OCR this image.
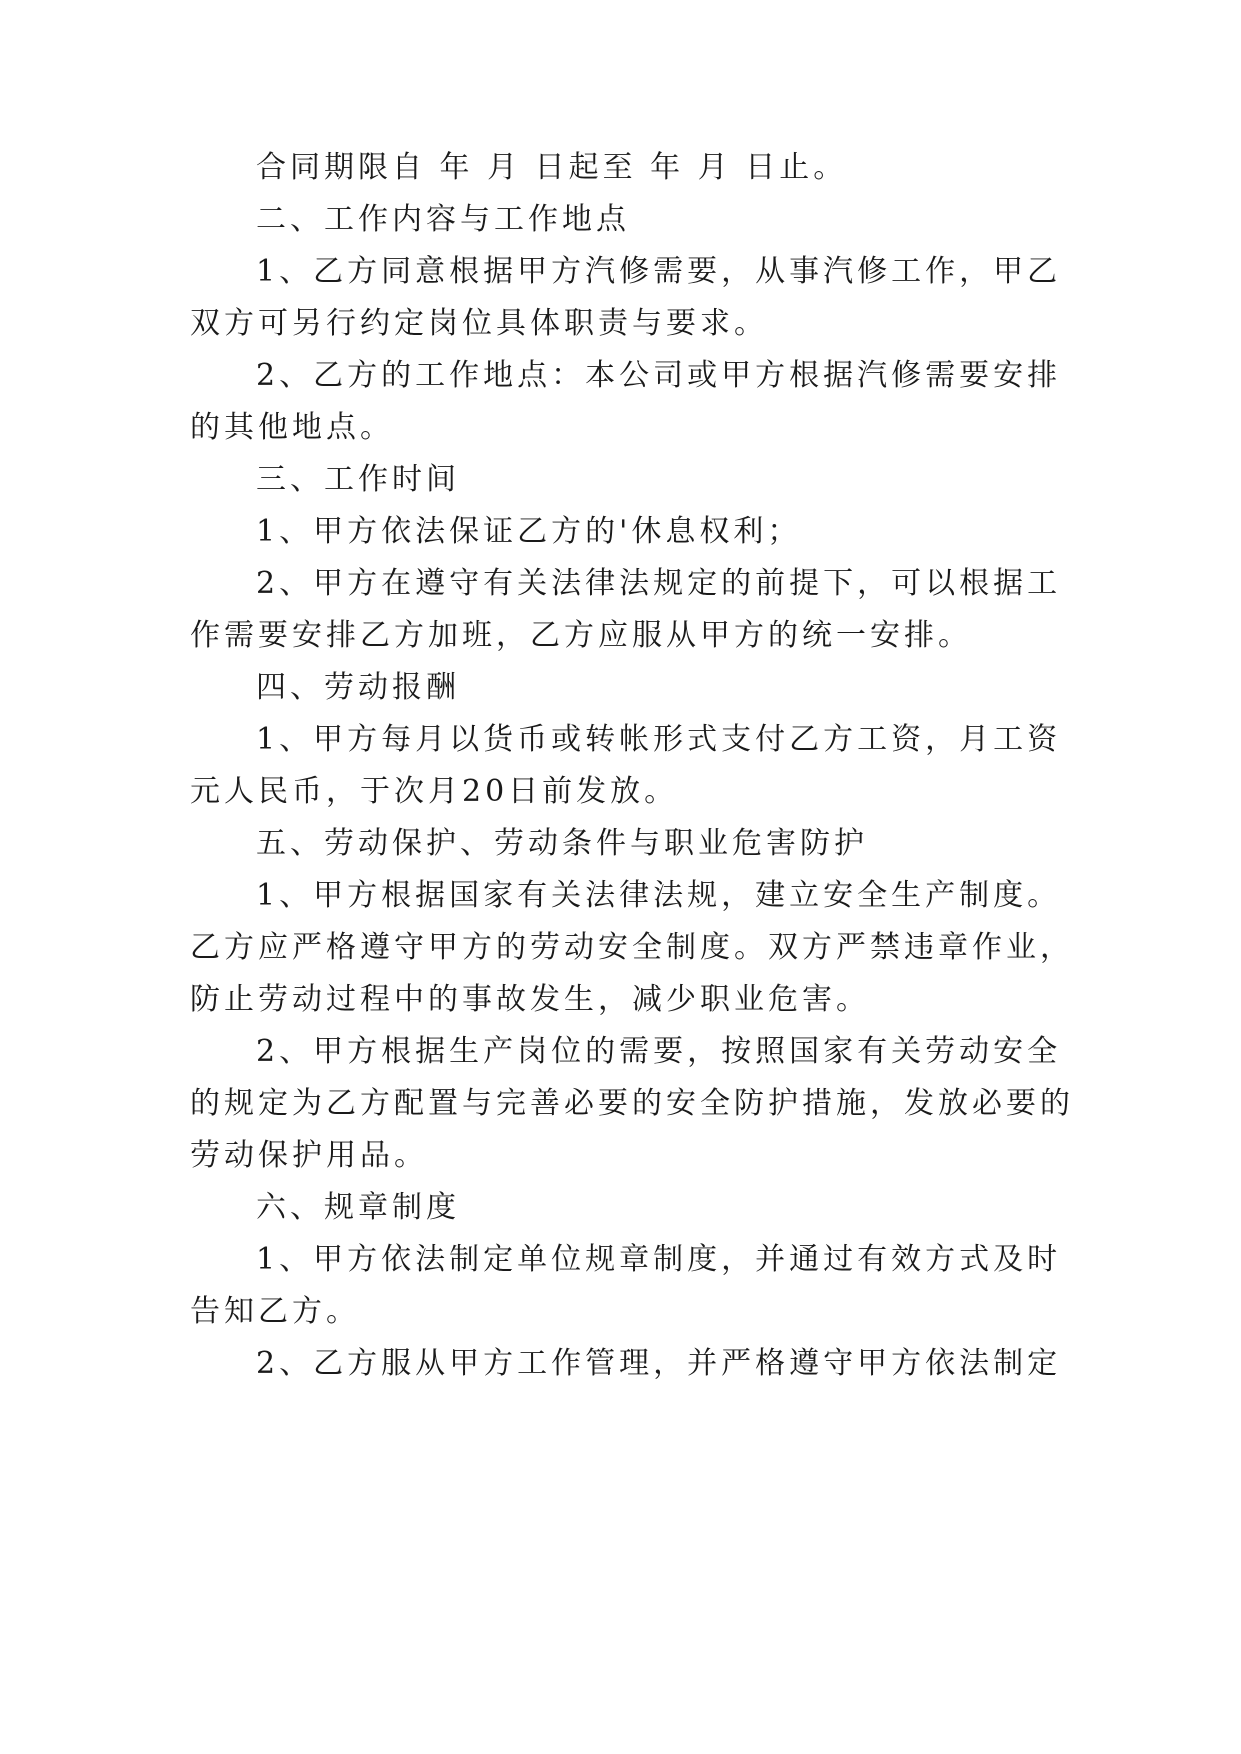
合同期限自 年 月 日起至 年 月 日止。

二、工作内容与工作地点

1、乙方同意根据甲方汽修需要，从事汽修工作，甲乙

双方可另行约定岗位具体职责与要求。

2、乙方的工作地点：本公司或甲方根据汽修需要安排

的其他地点。

三、工作时间

1、甲方依法保证乙方的'休息权利；

2、甲方在遵守有关法律法规定的前提下，可以根据工

作需要安排乙方加班，乙方应服从甲方的统一安排。

四、劳动报酬

1、甲方每月以货币或转帐形式支付乙方工资，月工资

元人民币，于次月20日前发放。

五、劳动保护、劳动条件与职业危害防护

1、甲方根据国家有关法律法规，建立安全生产制度。

乙方应严格遵守甲方的劳动安全制度。双方严禁违章作业，

防止劳动过程中的事故发生，减少职业危害。

2、甲方根据生产岗位的需要，按照国家有关劳动安全

的规定为乙方配置与完善必要的安全防护措施，发放必要的

劳动保护用品。

六、规章制度

1、甲方依法制定单位规章制度，并通过有效方式及时

告知乙方。

2、乙方服从甲方工作管理，并严格遵守甲方依法制定
